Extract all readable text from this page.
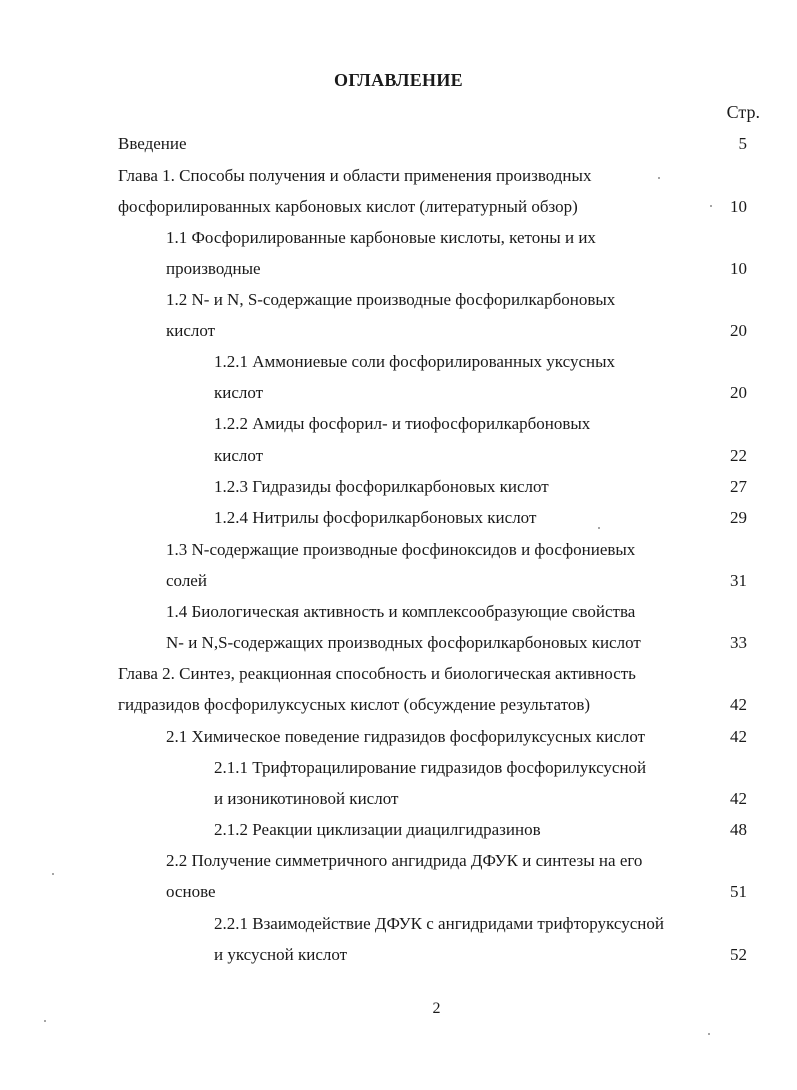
ОГЛАВЛЕНИЕ
Стр.
Введение	5
Глава 1. Способы получения и области применения производных
фосфорилированных карбоновых кислот (литературный обзор)	10
1.1 Фосфорилированные карбоновые кислоты, кетоны и их
производные	10
1.2 N- и N, S-содержащие производные фосфорилкарбоновых
кислот	20
1.2.1 Аммониевые соли фосфорилированных уксусных
кислот	20
1.2.2 Амиды фосфорил- и тиофосфорилкарбоновых
кислот	22
1.2.3 Гидразиды фосфорилкарбоновых кислот	27
1.2.4 Нитрилы фосфорилкарбоновых кислот	29
1.3 N-содержащие производные фосфиноксидов и фосфониевых
солей	31
1.4 Биологическая активность и комплексообразующие свойства
N- и N,S-содержащих производных фосфорилкарбоновых кислот	33
Глава 2. Синтез, реакционная способность и биологическая активность
гидразидов фосфорилуксусных кислот (обсуждение результатов)	42
2.1 Химическое поведение гидразидов фосфорилуксусных кислот	42
2.1.1 Трифторацилирование гидразидов фосфорилуксусной
и изоникотиновой кислот	42
2.1.2 Реакции циклизации диацилгидразинов	48
2.2 Получение симметричного ангидрида ДФУК и синтезы на его
основе	51
2.2.1 Взаимодействие ДФУК с ангидридами трифторуксусной
и уксусной кислот	52
2
